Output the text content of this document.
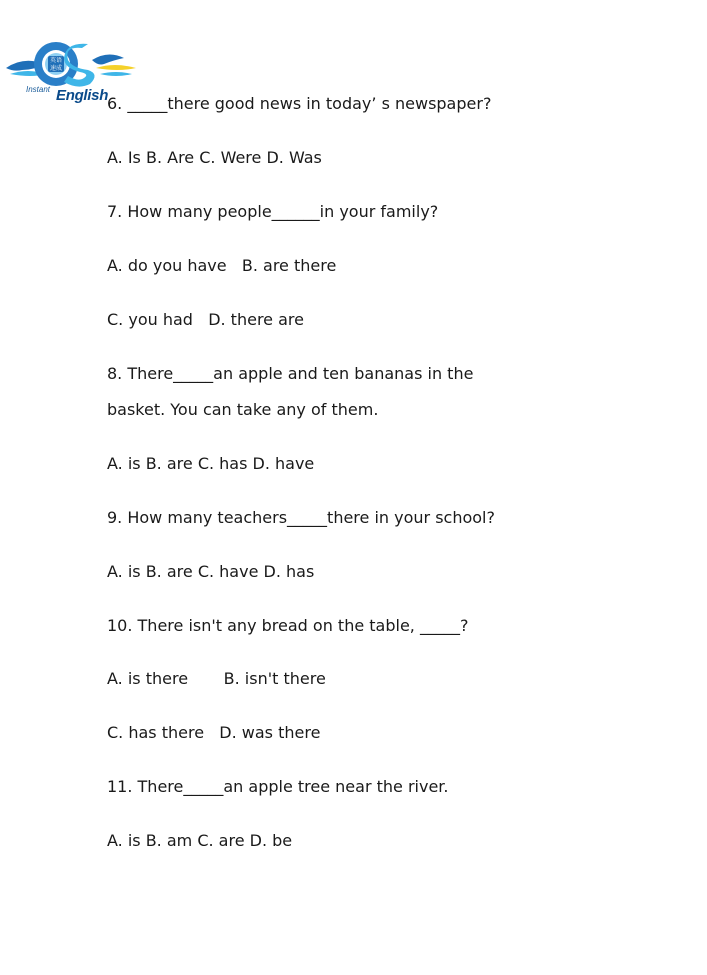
英语
速成
Instant English

6. _____there good news in today’ s newspaper?

A. Is B. Are C. Were D. Was

7. How many people______in your family?

A. do you have   B. are there

C. you had   D. there are

8. There_____an apple and ten bananas in the

basket. You can take any of them.

A. is B. are C. has D. have

9. How many teachers_____there in your school?

A. is B. are C. have D. has

10. There isn't any bread on the table, _____?

A. is there       B. isn't there

C. has there   D. was there

11. There_____an apple tree near the river.

A. is B. am C. are D. be
